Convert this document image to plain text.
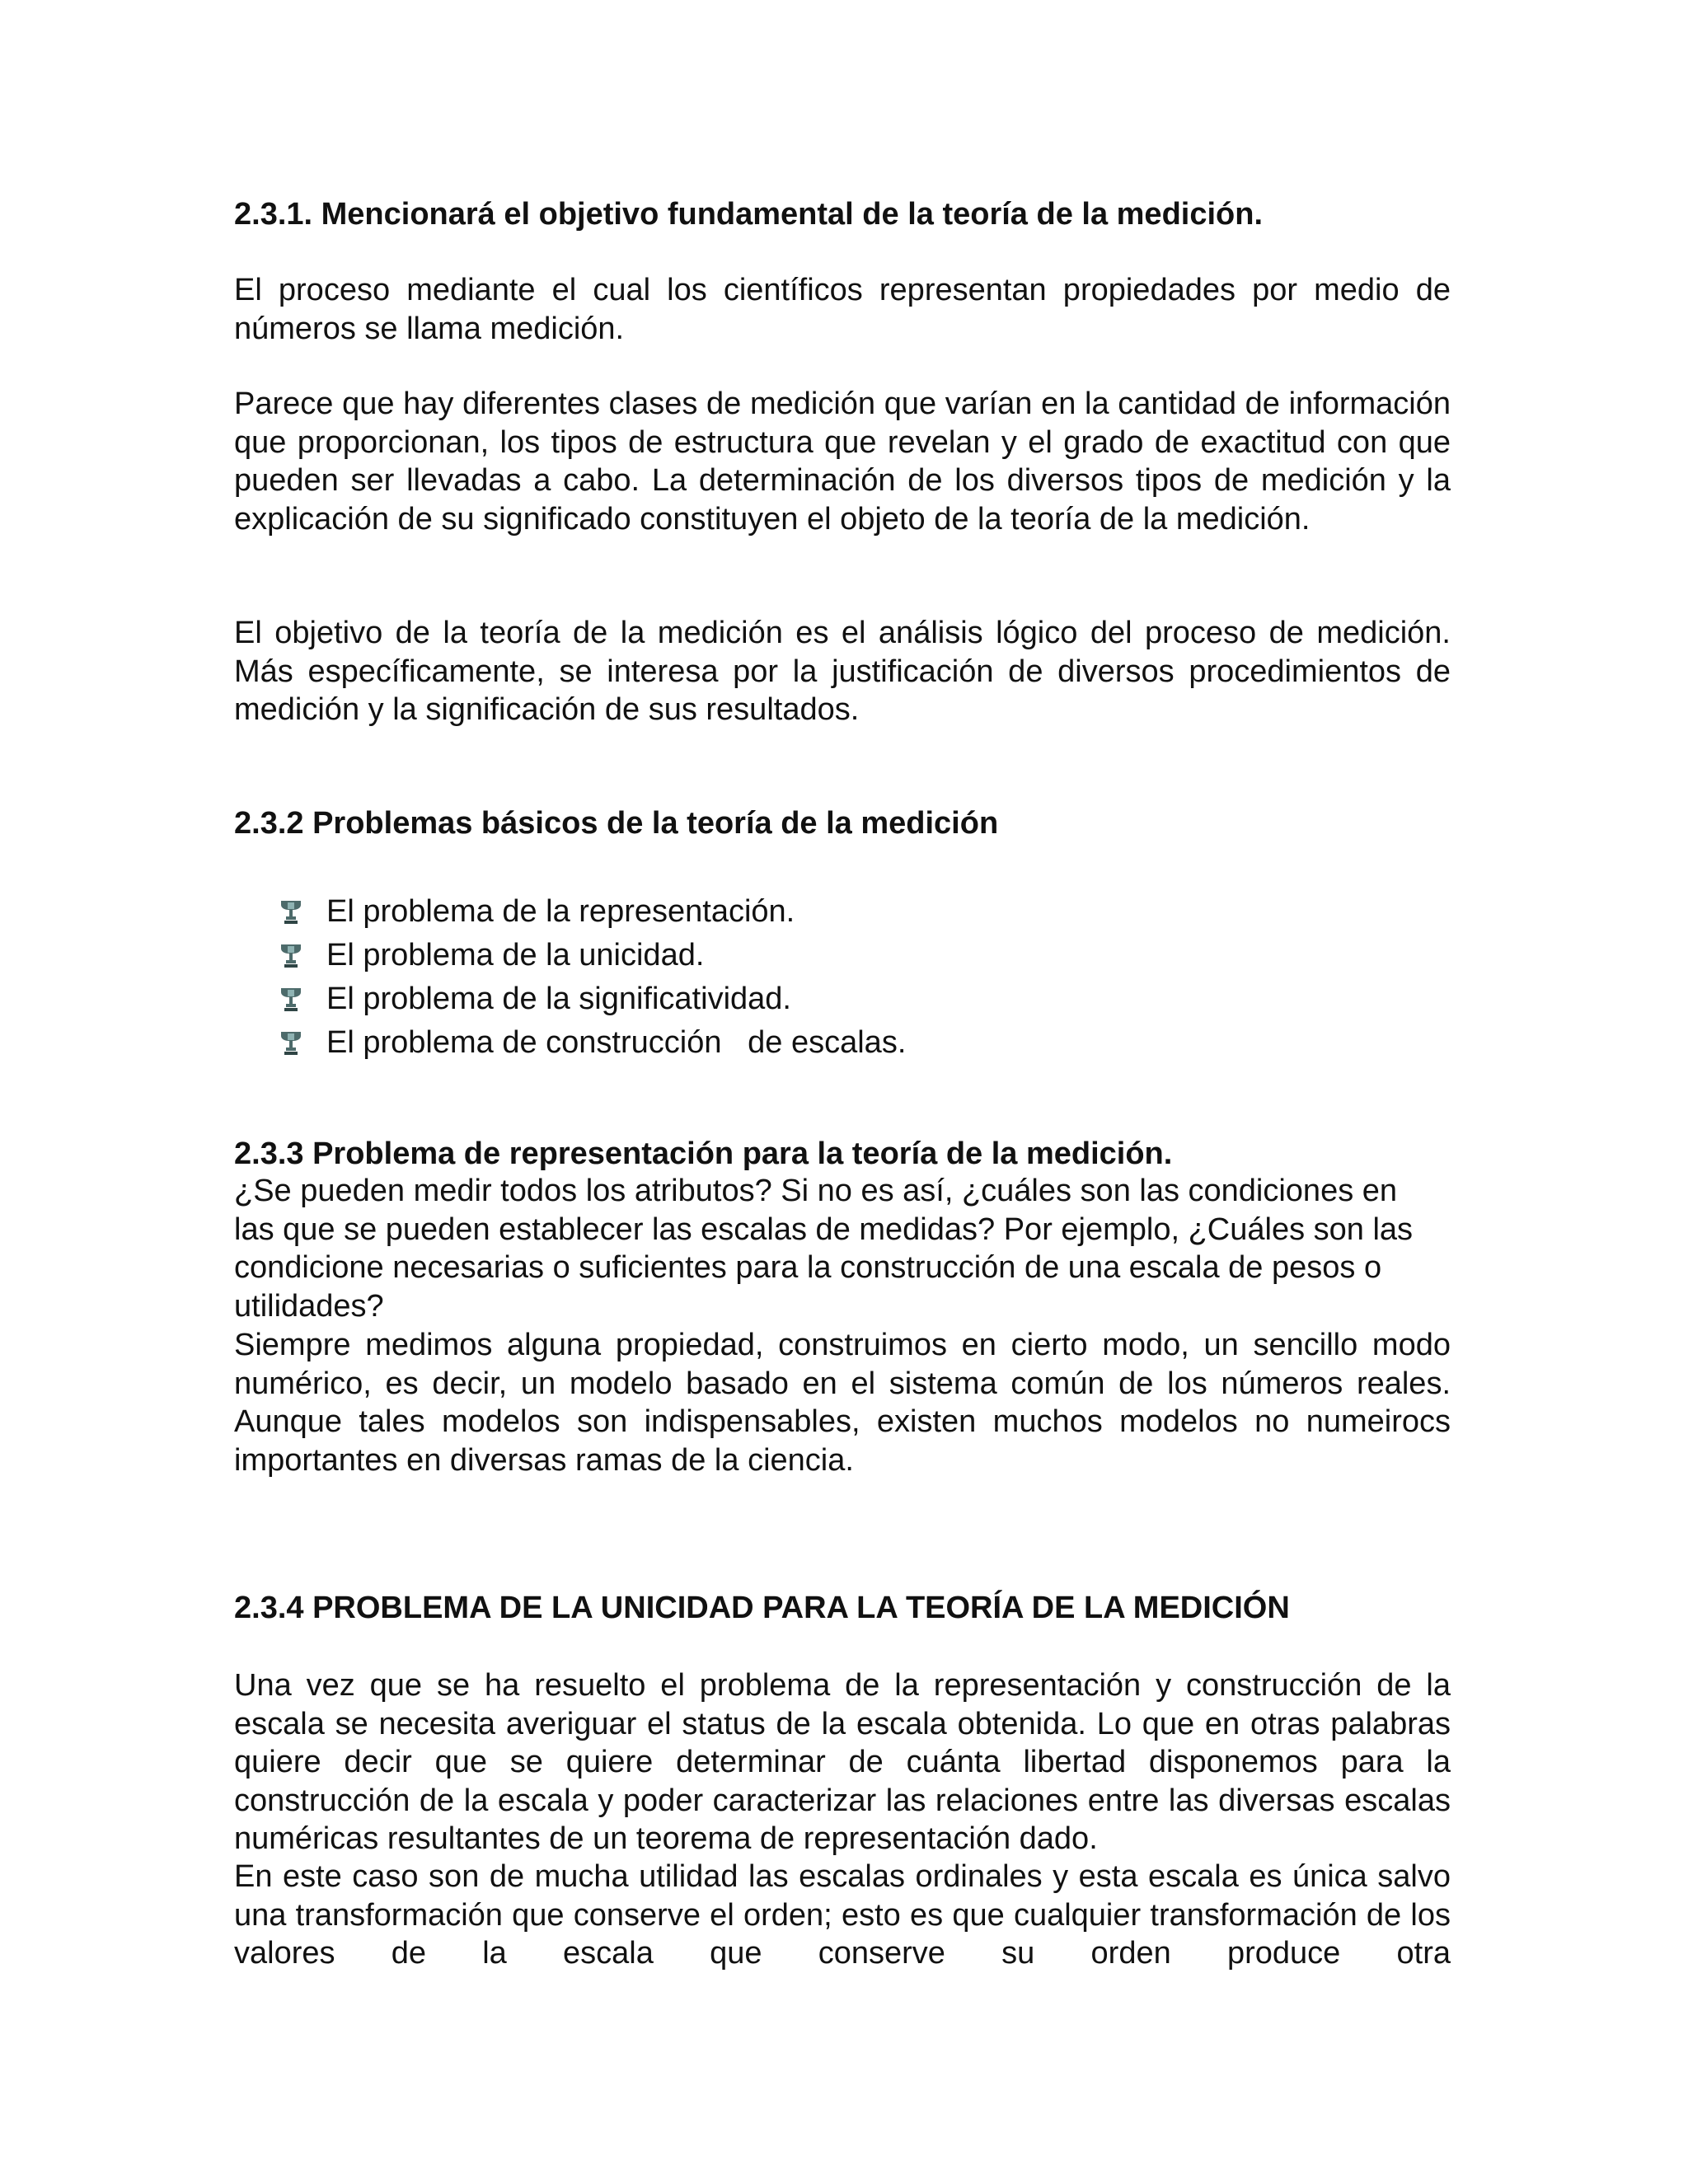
2.3.1. Mencionará el objetivo fundamental de la teoría de la medición.

El proceso mediante el cual los científicos representan propiedades por medio de números se llama medición.

Parece que hay diferentes clases de medición que varían en la cantidad de información que proporcionan, los tipos de estructura que revelan y el grado de exactitud con que pueden ser llevadas a cabo. La determinación de los diversos tipos de medición y la explicación de su significado constituyen el objeto de la teoría de la medición.

El objetivo de la teoría de la medición es el análisis lógico del proceso de medición. Más específicamente, se interesa por la justificación de diversos procedimientos de medición y la significación de sus resultados.

2.3.2 Problemas básicos de la teoría de la medición
El problema de la representación.
El problema de la unicidad.
El problema de la significatividad.
El problema de construcción   de escalas.
2.3.3 Problema de representación para la teoría de la medición.

¿Se pueden medir todos los atributos? Si no es así, ¿cuáles son las condiciones en las que se pueden establecer las escalas de medidas? Por ejemplo, ¿Cuáles son las condicione necesarias o suficientes para la construcción de una escala de pesos o utilidades?

Siempre medimos alguna propiedad, construimos en cierto modo, un sencillo modo numérico, es decir, un modelo basado en el sistema común de los números reales. Aunque tales modelos son indispensables, existen muchos modelos no numeirocs importantes en diversas ramas de la ciencia.

2.3.4 PROBLEMA DE LA UNICIDAD PARA LA TEORÍA DE LA MEDICIÓN

Una vez que se ha resuelto el problema de la representación y construcción de la escala se necesita averiguar el status de la escala obtenida. Lo que en otras palabras quiere decir que se quiere determinar de cuánta libertad disponemos para la construcción de la escala y poder caracterizar las relaciones entre las diversas escalas numéricas resultantes de un teorema de representación dado.

En este caso son de mucha utilidad las escalas ordinales y esta escala es única salvo una transformación que conserve el orden; esto es que cualquier transformación de los valores de la escala que conserve su orden produce otra
